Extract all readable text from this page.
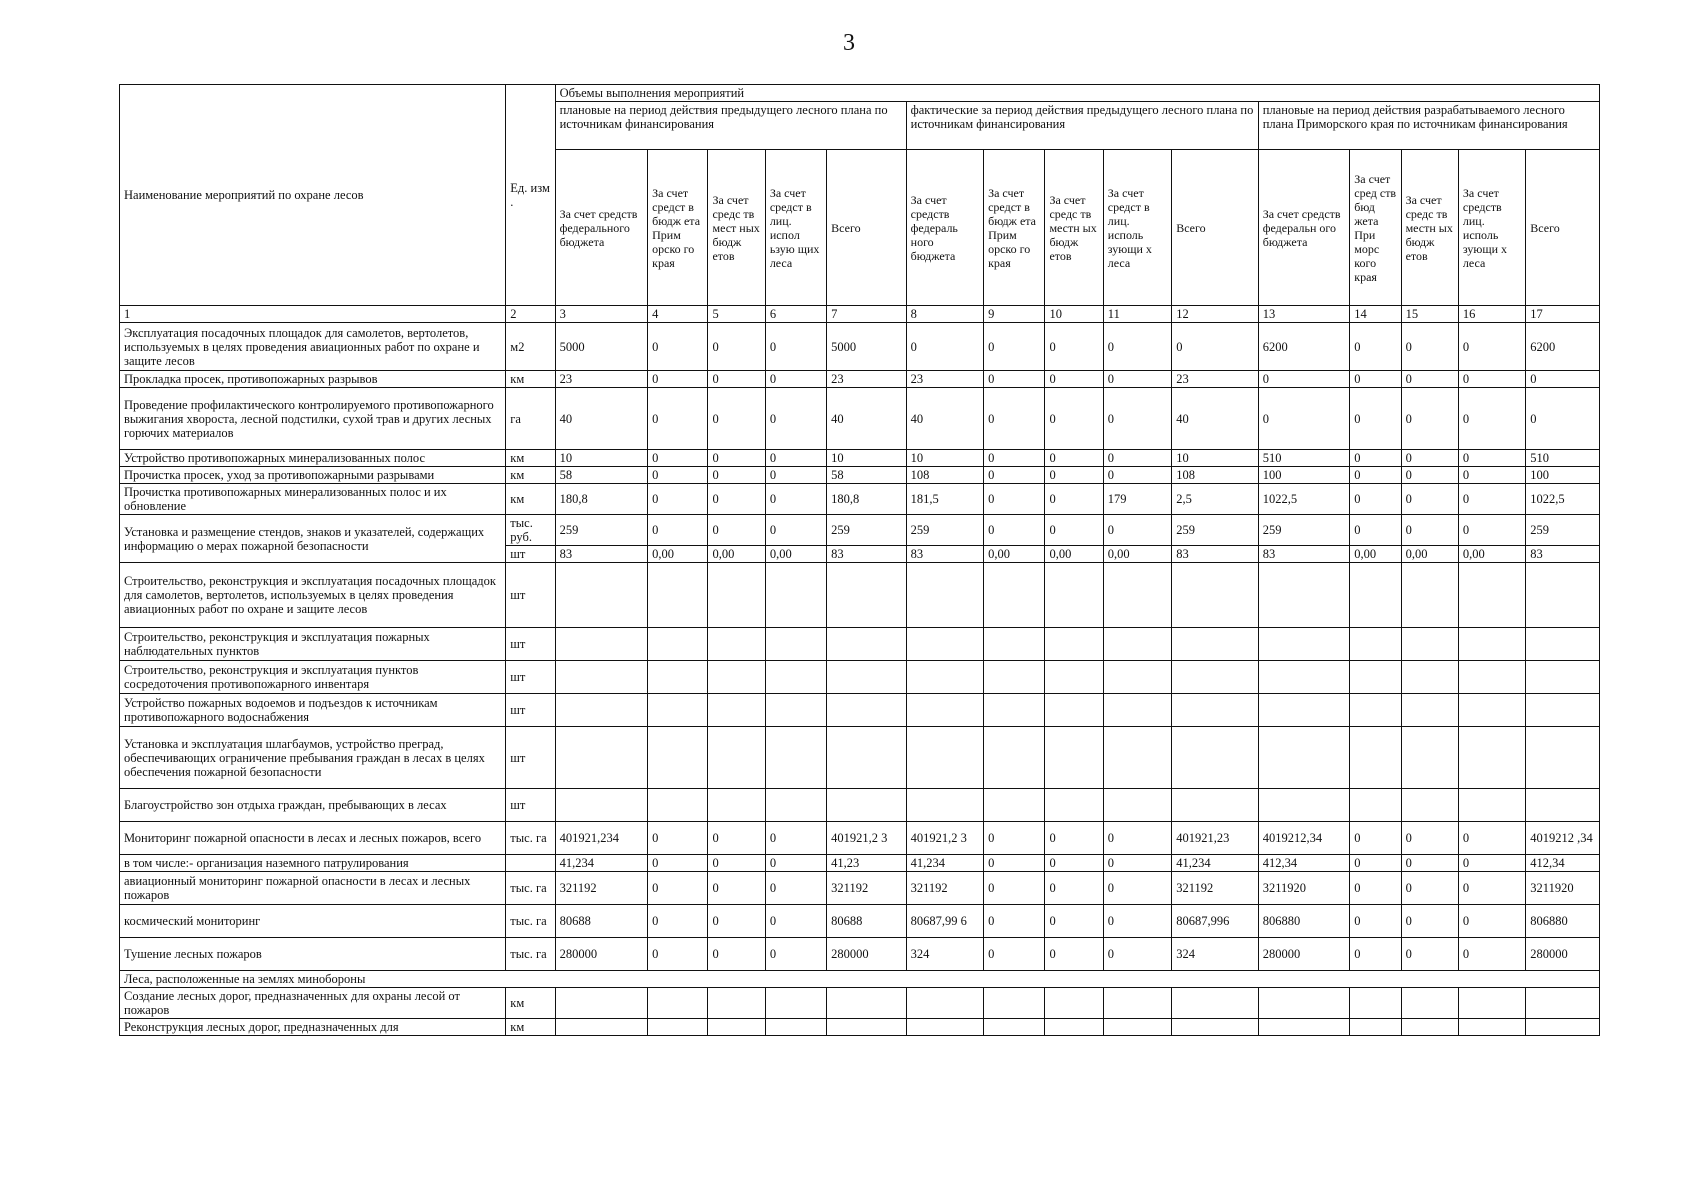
3
Наименование мероприятий по охране лесов	Ед. изм .	Объемы выполнения мероприятий														
		плановые на период действия предыдущего лесного плана по источникам финансирования					фактические за период действия предыдущего лесного плана по источникам финансирования					плановые на период действия разрабатываемого лесного плана Приморского края по источникам финансирования				
		За счет средств федерального бюджета	За счет средст в бюдж ета Прим орско го края	За счет средс тв мест ных бюдж етов	За счет средст в лиц. испол ьзую щих леса	Всего	За счет средств федераль ного бюджета	За счет средст в бюдж ета Прим орско го края	За счет средс тв местн ых бюдж етов	За счет средст в лиц. исполь зующи х леса	Всего	За счет средств федеральн ого бюджета	За счет сред ств бюд жета При морс кого края	За счет средс тв местн ых бюдж етов	За счет средств лиц. исполь зующи х леса	Всего
1	2	3	4	5	6	7	8	9	10	11	12	13	14	15	16	17
Эксплуатация посадочных площадок для самолетов, вертолетов, используемых в целях проведения авиационных работ по охране и защите лесов	м2	5000	0	0	0	5000	0	0	0	0	0	6200	0	0	0	6200
Прокладка просек, противопожарных разрывов	км	23	0	0	0	23	23	0	0	0	23	0	0	0	0	0
Проведение профилактического контролируемого противопожарного выжигания хвороста, лесной подстилки, сухой трав и других лесных горючих материалов	га	40	0	0	0	40	40	0	0	0	40	0	0	0	0	0
Устройство противопожарных минерализованных полос	км	10	0	0	0	10	10	0	0	0	10	510	0	0	0	510
Прочистка просек, уход за противопожарными разрывами	км	58	0	0	0	58	108	0	0	0	108	100	0	0	0	100
Прочистка противопожарных минерализованных полос и их обновление	км	180,8	0	0	0	180,8	181,5	0	0	179	2,5	1022,5	0	0	0	1022,5
Установка и размещение стендов, знаков и указателей, содержащих информацию о мерах пожарной безопасности	тыс. руб.	259	0	0	0	259	259	0	0	0	259	259	0	0	0	259
	шт	83	0,00	0,00	0,00	83	83	0,00	0,00	0,00	83	83	0,00	0,00	0,00	83
Строительство, реконструкция и эксплуатация посадочных площадок для самолетов, вертолетов, используемых в целях проведения авиационных работ по охране и защите лесов	шт															
Строительство, реконструкция и эксплуатация пожарных наблюдательных пунктов	шт															
Строительство, реконструкция и эксплуатация пунктов сосредоточения противопожарного инвентаря	шт															
Устройство пожарных водоемов и подъездов к источникам противопожарного водоснабжения	шт															
Установка и эксплуатация шлагбаумов, устройство преград, обеспечивающих ограничение пребывания граждан в лесах в целях обеспечения пожарной безопасности	шт															
Благоустройство зон отдыха граждан, пребывающих в лесах	шт															
Мониторинг пожарной опасности в лесах и лесных пожаров, всего	тыс. га	401921,234	0	0	0	401921,2 3	401921,2 3	0	0	0	401921,23	4019212,34	0	0	0	4019212 ,34
в том числе:- организация наземного патрулирования		41,234	0	0	0	41,23	41,234	0	0	0	41,234	412,34	0	0	0	412,34
авиационный мониторинг пожарной опасности в лесах и лесных пожаров	тыс. га	321192	0	0	0	321192	321192	0	0	0	321192	3211920	0	0	0	3211920
космический мониторинг	тыс. га	80688	0	0	0	80688	80687,99 6	0	0	0	80687,996	806880	0	0	0	806880
Тушение лесных пожаров	тыс. га	280000	0	0	0	280000	324	0	0	0	324	280000	0	0	0	280000
Леса, расположенные на землях минобороны																
Создание лесных дорог, предназначенных для охраны лесой от пожаров	км															
Реконструкция лесных дорог, предназначенных для	км															
